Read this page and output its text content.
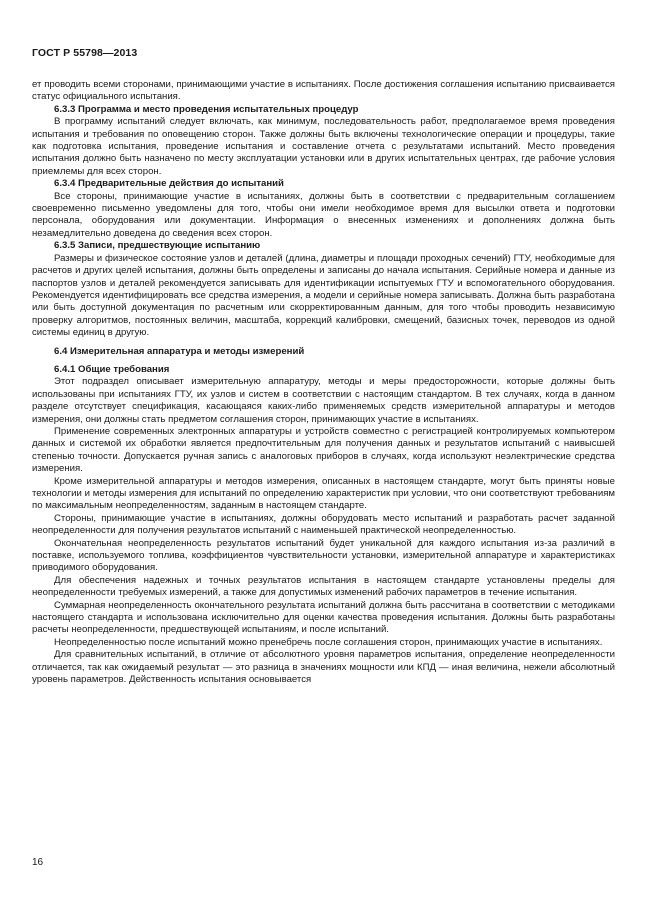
ГОСТ Р 55798—2013

ет проводить всеми сторонами, принимающими участие в испытаниях. После достижения соглашения испытанию присваивается статус официального испытания.

6.3.3 Программа и место проведения испытательных процедур

В программу испытаний следует включать, как минимум, последовательность работ, предполагаемое время проведения испытания и требования по оповещению сторон. Также должны быть включены технологические операции и процедуры, такие как подготовка испытания, проведение испытания и составление отчета с результатами испытаний. Место проведения испытания должно быть назначено по месту эксплуатации установки или в других испытательных центрах, где рабочие условия приемлемы для всех сторон.

6.3.4 Предварительные действия до испытаний

Все стороны, принимающие участие в испытаниях, должны быть в соответствии с предварительным соглашением своевременно письменно уведомлены для того, чтобы они имели необходимое время для высылки ответа и подготовки персонала, оборудования или документации. Информация о внесенных изменениях и дополнениях должна быть незамедлительно доведена до сведения всех сторон.

6.3.5 Записи, предшествующие испытанию

Размеры и физическое состояние узлов и деталей (длина, диаметры и площади проходных сечений) ГТУ, необходимые для расчетов и других целей испытания, должны быть определены и записаны до начала испытания. Серийные номера и данные из паспортов узлов и деталей рекомендуется записывать для идентификации испытуемых ГТУ и вспомогательного оборудования. Рекомендуется идентифицировать все средства измерения, а модели и серийные номера записывать. Должна быть разработана или быть доступной документация по расчетным или скорректированным данным, для того чтобы проводить независимую проверку алгоритмов, постоянных величин, масштаба, коррекций калибровки, смещений, базисных точек, переводов из одной системы единиц в другую.

6.4 Измерительная аппаратура и методы измерений
6.4.1 Общие требования

Этот подраздел описывает измерительную аппаратуру, методы и меры предосторожности, которые должны быть использованы при испытаниях ГТУ, их узлов и систем в соответствии с настоящим стандартом. В тех случаях, когда в данном разделе отсутствует спецификация, касающаяся каких-либо применяемых средств измерительной аппаратуры и методов измерения, они должны стать предметом соглашения сторон, принимающих участие в испытаниях.

Применение современных электронных аппаратуры и устройств совместно с регистрацией контролируемых компьютером данных и системой их обработки является предпочтительным для получения данных и результатов испытаний с наивысшей степенью точности. Допускается ручная запись с аналоговых приборов в случаях, когда используют неэлектрические средства измерения.

Кроме измерительной аппаратуры и методов измерения, описанных в настоящем стандарте, могут быть приняты новые технологии и методы измерения для испытаний по определению характеристик при условии, что они соответствуют требованиям по максимальным неопределенностям, заданным в настоящем стандарте.

Стороны, принимающие участие в испытаниях, должны оборудовать место испытаний и разработать расчет заданной неопределенности для получения результатов испытаний с наименьшей практической неопределенностью.

Окончательная неопределенность результатов испытаний будет уникальной для каждого испытания из-за различий в поставке, используемого топлива, коэффициентов чувствительности установки, измерительной аппаратуре и характеристиках приводимого оборудования.

Для обеспечения надежных и точных результатов испытания в настоящем стандарте установлены пределы для неопределенности требуемых измерений, а также для допустимых изменений рабочих параметров в течение испытания.

Суммарная неопределенность окончательного результата испытаний должна быть рассчитана в соответствии с методиками настоящего стандарта и использована исключительно для оценки качества проведения испытания. Должны быть разработаны расчеты неопределенности, предшествующей испытаниям, и после испытаний.

Неопределенностью после испытаний можно пренебречь после соглашения сторон, принимающих участие в испытаниях.

Для сравнительных испытаний, в отличие от абсолютного уровня параметров испытания, определение неопределенности отличается, так как ожидаемый результат — это разница в значениях мощности или КПД — иная величина, нежели абсолютный уровень параметров. Действенность испытания основывается

16
